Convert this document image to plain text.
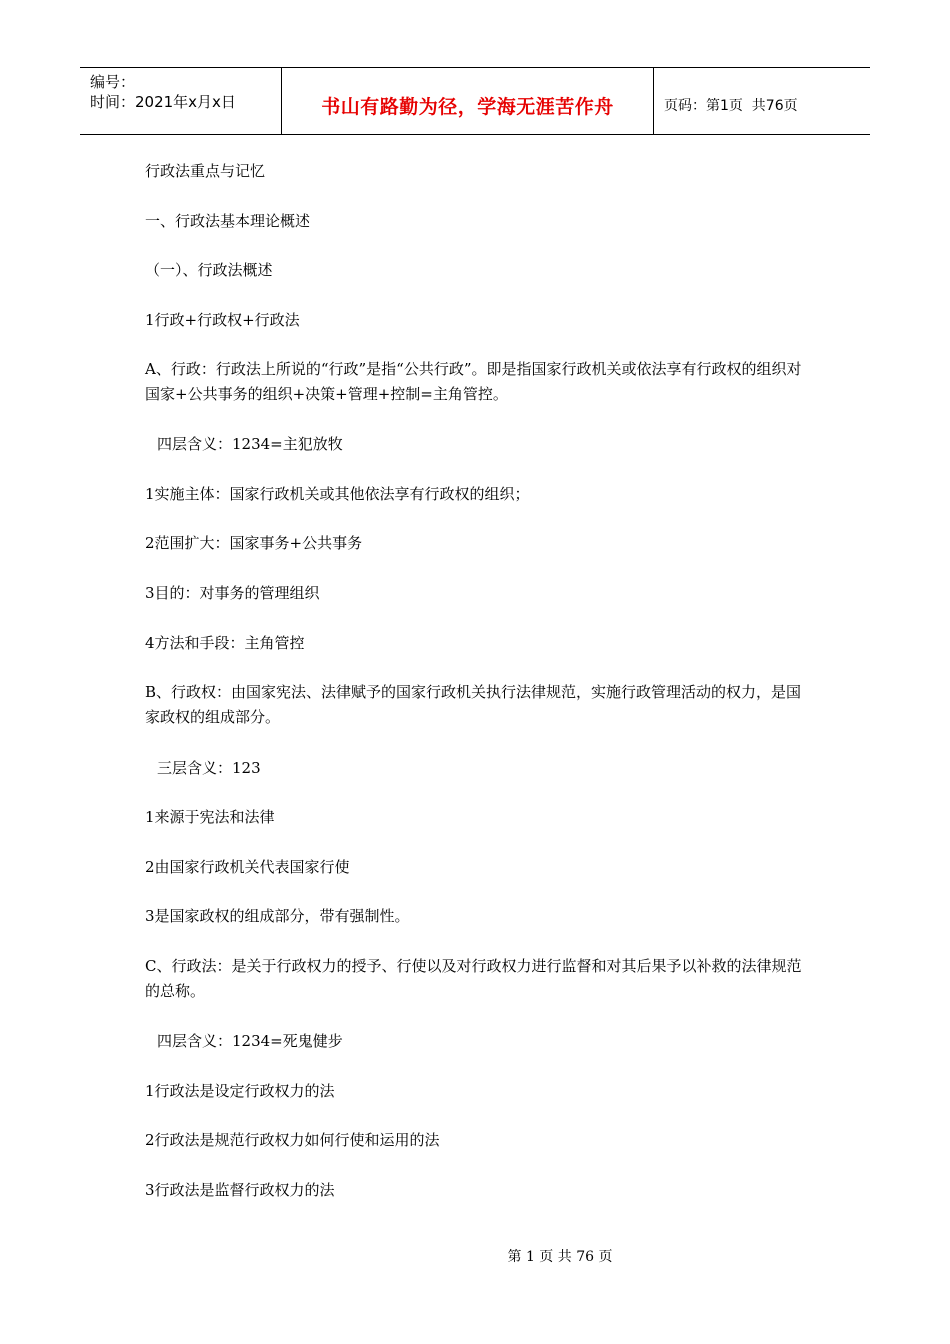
编号：
时间：2021年x月x日	书山有路勤为径，学海无涯苦作舟	页码：第1页  共76页
行政法重点与记忆
一、行政法基本理论概述
（一）、行政法概述
1行政+行政权+行政法
A、行政：行政法上所说的“行政”是指“公共行政”。即是指国家行政机关或依法享有行政权的组织对国家+公共事务的组织+决策+管理+控制=主角管控。
四层含义：1234=主犯放牧
1实施主体：国家行政机关或其他依法享有行政权的组织；
2范围扩大：国家事务+公共事务
3目的：对事务的管理组织
4方法和手段：主角管控
B、行政权：由国家宪法、法律赋予的国家行政机关执行法律规范，实施行政管理活动的权力，是国家政权的组成部分。
三层含义：123
1来源于宪法和法律
2由国家行政机关代表国家行使
3是国家政权的组成部分，带有强制性。
C、行政法：是关于行政权力的授予、行使以及对行政权力进行监督和对其后果予以补救的法律规范的总称。
四层含义：1234=死鬼健步
1行政法是设定行政权力的法
2行政法是规范行政权力如何行使和运用的法
3行政法是监督行政权力的法
第 1 页 共 76 页
